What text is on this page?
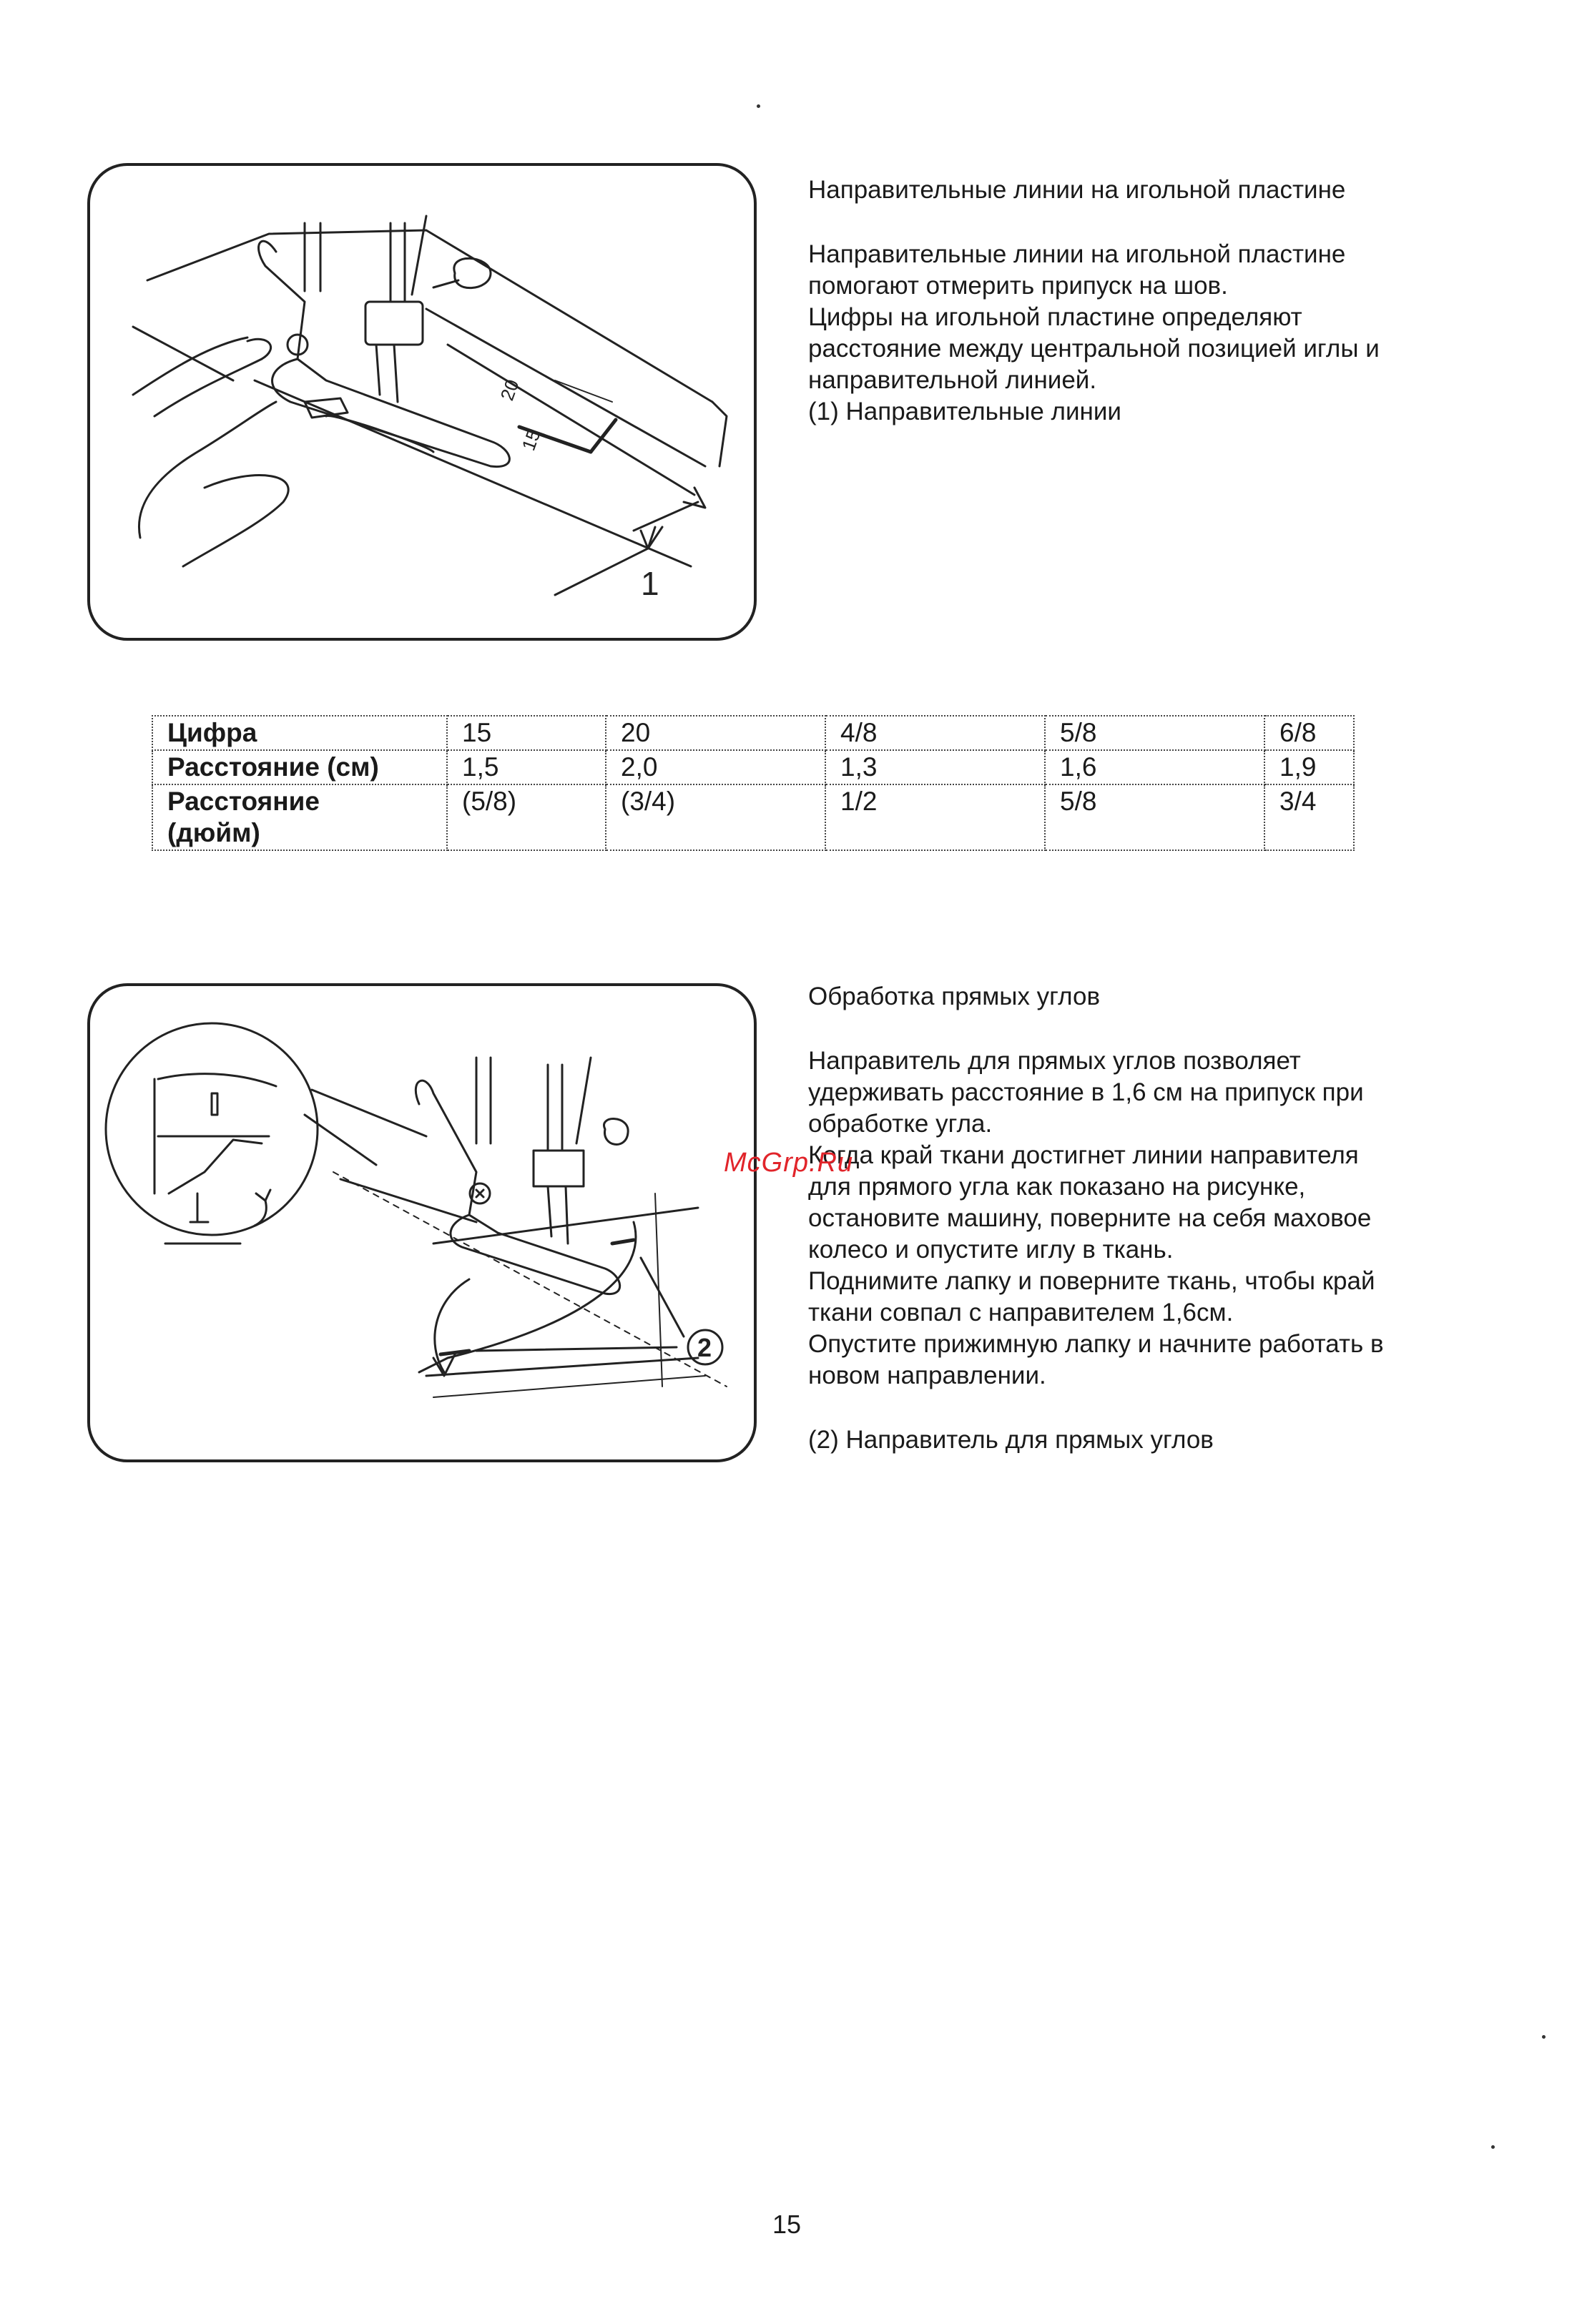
20
15
1

Направительные линии на игольной пластине

Направительные линии на игольной пластине

помогают отмерить припуск на шов.

Цифры на игольной пластине определяют

расстояние между центральной позицией иглы и

направительной линией.

(1) Направительные линии

Цифра	15	20	4/8	5/8	6/8
Расстояние (см)	1,5	2,0	1,3	1,6	1,9
Расстояние
(дюйм)	(5/8)	(3/4)	1/2	5/8	3/4
2

Обработка прямых углов

Направитель для прямых углов позволяет

удерживать расстояние в 1,6 см на припуск при

обработке угла.

Когда край ткани достигнет линии направителя

для прямого угла как показано на рисунке,

остановите машину, поверните на себя маховое

колесо и опустите иглу в ткань.

Поднимите лапку и поверните ткань, чтобы край

ткани совпал с направителем 1,6см.

Опустите прижимную лапку и начните работать в

новом направлении.

(2) Направитель для прямых углов

McGrp.Ru
15
